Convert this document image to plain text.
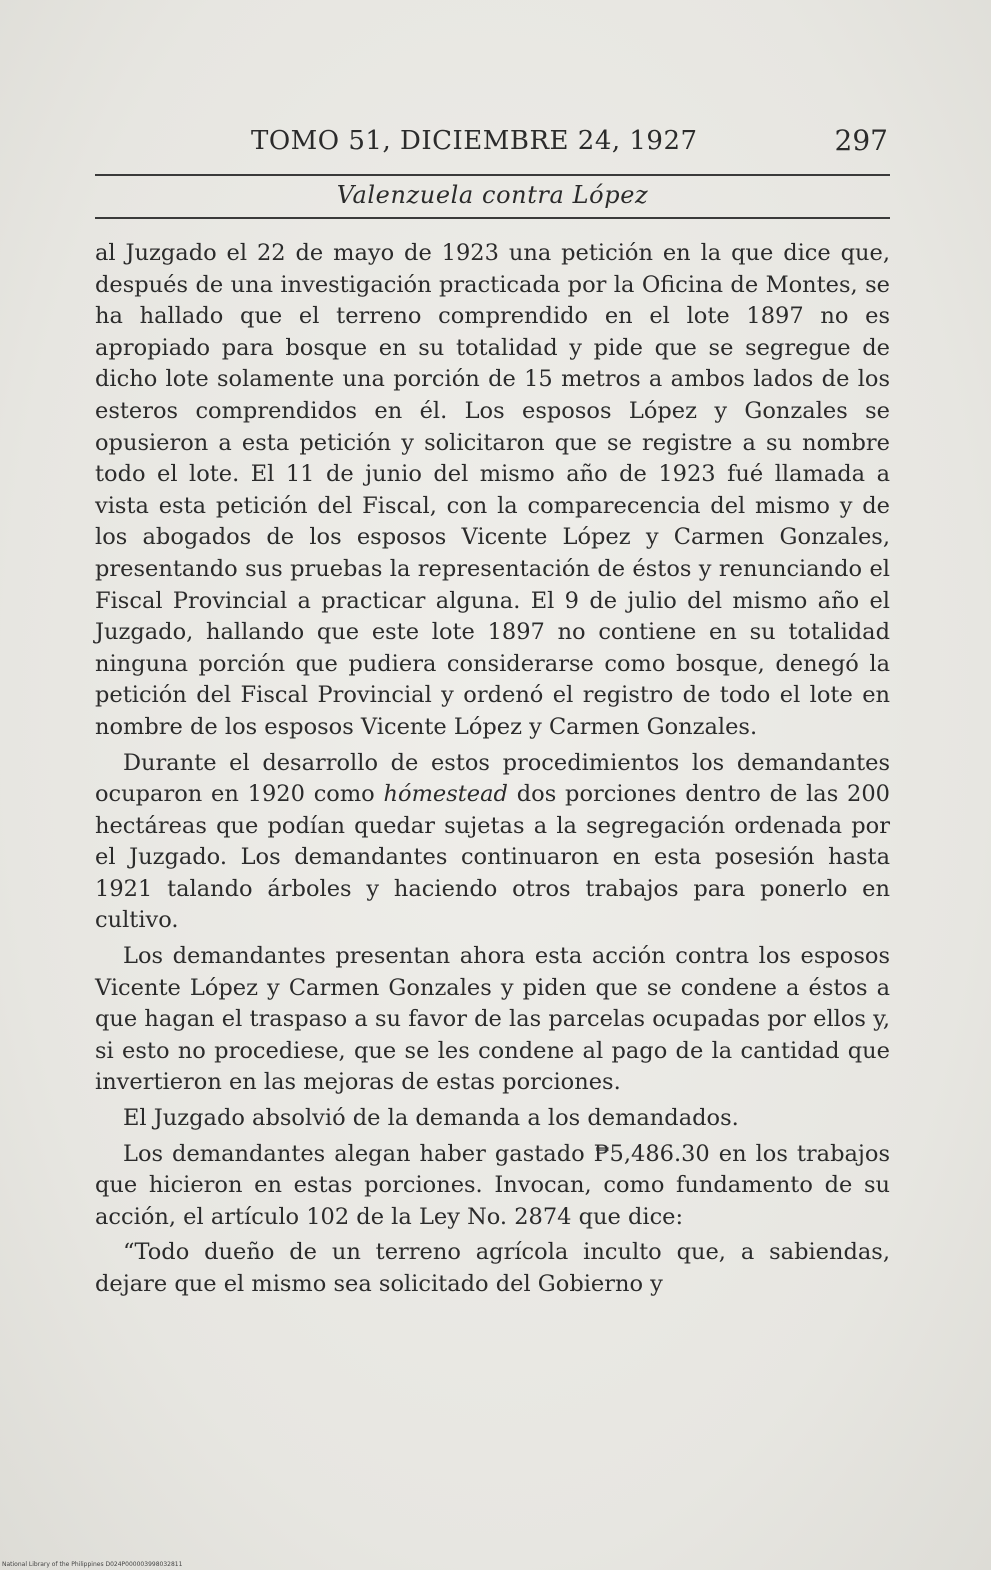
TOMO 51, DICIEMBRE 24, 1927	297
Valenzuela contra López

al Juzgado el 22 de mayo de 1923 una petición en la que dice que, después de una investigación practicada por la Oficina de Montes, se ha hallado que el terreno comprendido en el lote 1897 no es apropiado para bosque en su totalidad y pide que se segregue de dicho lote solamente una porción de 15 metros a ambos lados de los esteros comprendidos en él. Los esposos López y Gonzales se opusieron a esta petición y solicitaron que se registre a su nombre todo el lote. El 11 de junio del mismo año de 1923 fué llamada a vista esta petición del Fiscal, con la comparecencia del mismo y de los abogados de los esposos Vicente López y Carmen Gonzales, presentando sus pruebas la representación de éstos y renunciando el Fiscal Provincial a practicar alguna. El 9 de julio del mismo año el Juzgado, hallando que este lote 1897 no contiene en su totalidad ninguna porción que pudiera considerarse como bosque, denegó la petición del Fiscal Provincial y ordenó el registro de todo el lote en nombre de los esposos Vicente López y Carmen Gonzales.

Durante el desarrollo de estos procedimientos los demandantes ocuparon en 1920 como hómestead dos porciones dentro de las 200 hectáreas que podían quedar sujetas a la segregación ordenada por el Juzgado. Los demandantes continuaron en esta posesión hasta 1921 talando árboles y haciendo otros trabajos para ponerlo en cultivo.

Los demandantes presentan ahora esta acción contra los esposos Vicente López y Carmen Gonzales y piden que se condene a éstos a que hagan el traspaso a su favor de las parcelas ocupadas por ellos y, si esto no procediese, que se les condene al pago de la cantidad que invertieron en las mejoras de estas porciones.

El Juzgado absolvió de la demanda a los demandados.

Los demandantes alegan haber gastado ₱5,486.30 en los trabajos que hicieron en estas porciones. Invocan, como fundamento de su acción, el artículo 102 de la Ley No. 2874 que dice:

“Todo dueño de un terreno agrícola inculto que, a sabiendas, dejare que el mismo sea solicitado del Gobierno y

National Library of the Philippines D024P000003998032811
